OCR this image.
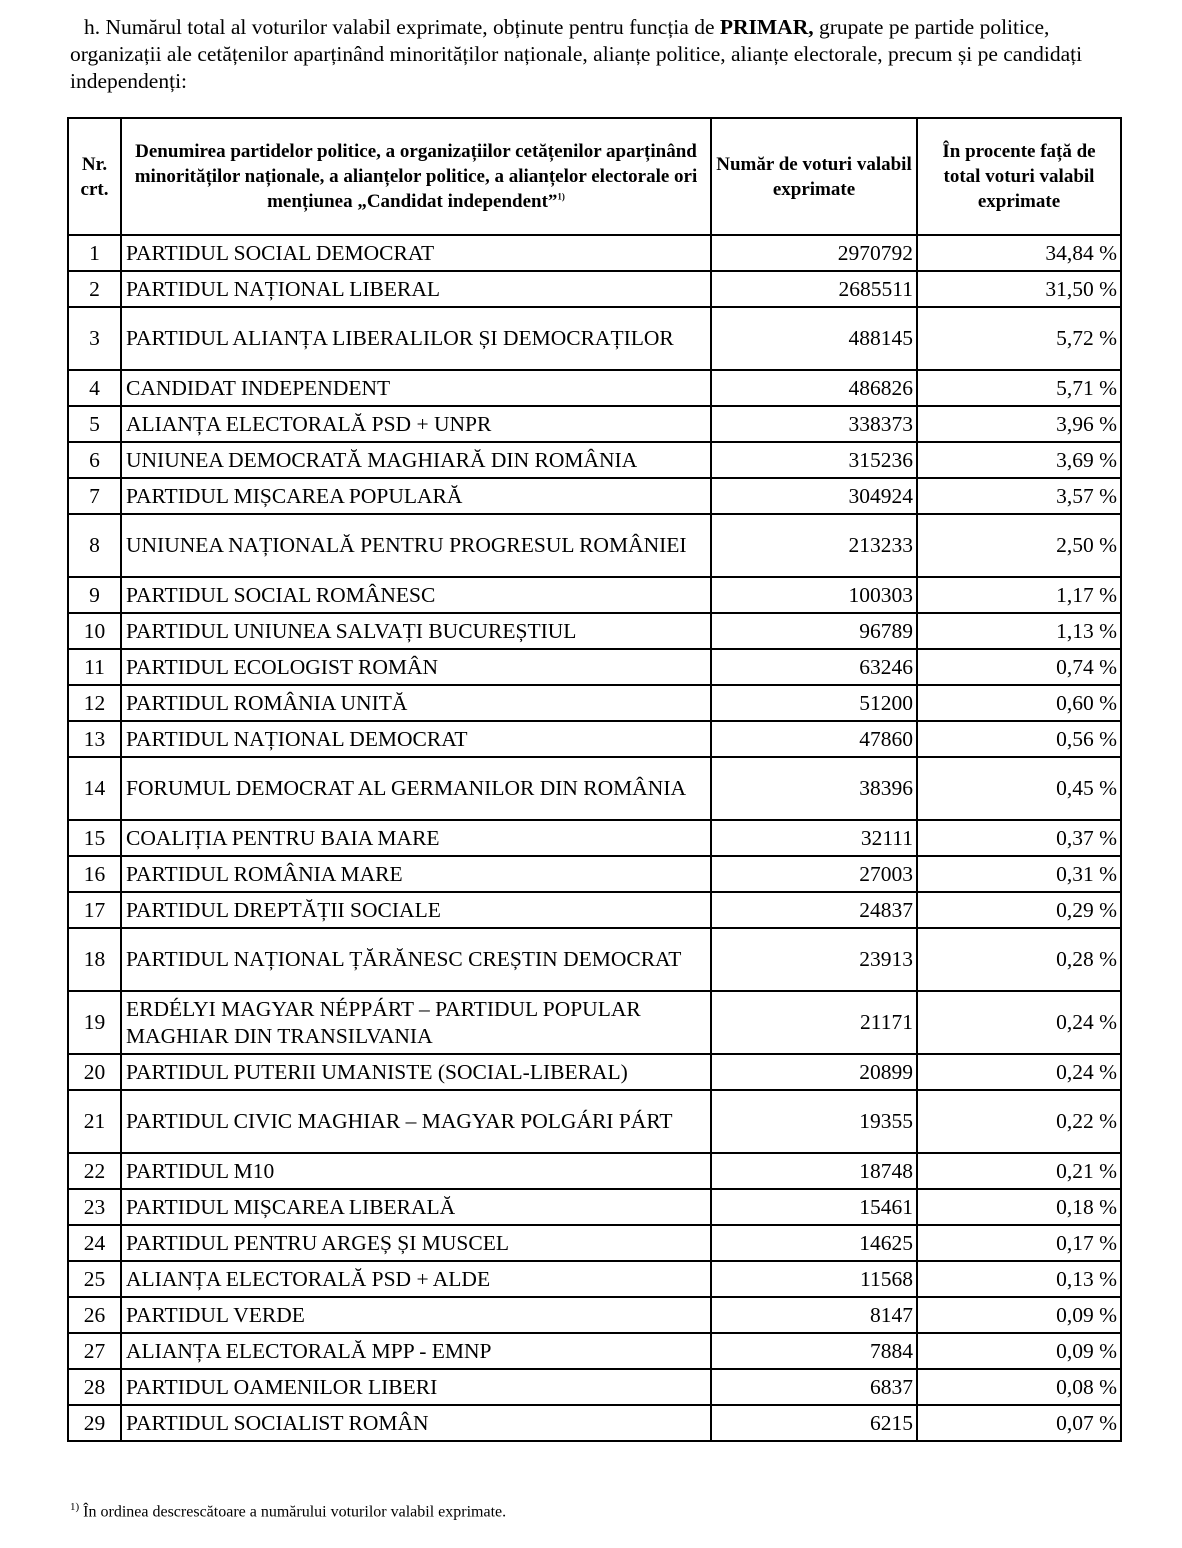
h. Numărul total al voturilor valabil exprimate, obținute pentru funcția de PRIMAR, grupate pe partide politice, organizații ale cetățenilor aparținând minorităților naționale, alianțe politice, alianțe electorale, precum și pe candidați independenți:
Nr. crt.	Denumirea partidelor politice, a organizațiilor cetățenilor aparținând minorităților naționale, a alianțelor politice, a alianțelor electorale ori mențiunea „Candidat independent”$^{1)}$	Număr de voturi valabil exprimate	În procente față de total voturi valabil exprimate
1	PARTIDUL SOCIAL DEMOCRAT	2970792	34,84 %
2	PARTIDUL NAȚIONAL LIBERAL	2685511	31,50 %
3	PARTIDUL ALIANȚA LIBERALILOR ȘI DEMOCRAȚILOR	488145	5,72 %
4	CANDIDAT INDEPENDENT	486826	5,71 %
5	ALIANȚA ELECTORALĂ PSD + UNPR	338373	3,96 %
6	UNIUNEA DEMOCRATĂ MAGHIARĂ DIN ROMÂNIA	315236	3,69 %
7	PARTIDUL MIȘCAREA POPULARĂ	304924	3,57 %
8	UNIUNEA NAȚIONALĂ PENTRU PROGRESUL ROMÂNIEI	213233	2,50 %
9	PARTIDUL SOCIAL ROMÂNESC	100303	1,17 %
10	PARTIDUL UNIUNEA SALVAȚI BUCUREȘTIUL	96789	1,13 %
11	PARTIDUL ECOLOGIST ROMÂN	63246	0,74 %
12	PARTIDUL ROMÂNIA UNITĂ	51200	0,60 %
13	PARTIDUL NAȚIONAL DEMOCRAT	47860	0,56 %
14	FORUMUL DEMOCRAT AL GERMANILOR DIN ROMÂNIA	38396	0,45 %
15	COALIȚIA PENTRU BAIA MARE	32111	0,37 %
16	PARTIDUL ROMÂNIA MARE	27003	0,31 %
17	PARTIDUL DREPTĂȚII SOCIALE	24837	0,29 %
18	PARTIDUL NAȚIONAL ȚĂRĂNESC CREȘTIN DEMOCRAT	23913	0,28 %
19	ERDÉLYI MAGYAR NÉPPÁRT – PARTIDUL POPULAR MAGHIAR DIN TRANSILVANIA	21171	0,24 %
20	PARTIDUL PUTERII UMANISTE (SOCIAL-LIBERAL)	20899	0,24 %
21	PARTIDUL CIVIC MAGHIAR – MAGYAR POLGÁRI PÁRT	19355	0,22 %
22	PARTIDUL M10	18748	0,21 %
23	PARTIDUL MIȘCAREA LIBERALĂ	15461	0,18 %
24	PARTIDUL PENTRU ARGEȘ ȘI MUSCEL	14625	0,17 %
25	ALIANȚA ELECTORALĂ PSD + ALDE	11568	0,13 %
26	PARTIDUL VERDE	8147	0,09 %
27	ALIANȚA ELECTORALĂ MPP - EMNP	7884	0,09 %
28	PARTIDUL OAMENILOR LIBERI	6837	0,08 %
29	PARTIDUL SOCIALIST ROMÂN	6215	0,07 %
$^{1)}$ În ordinea descrescătoare a numărului voturilor valabil exprimate.
